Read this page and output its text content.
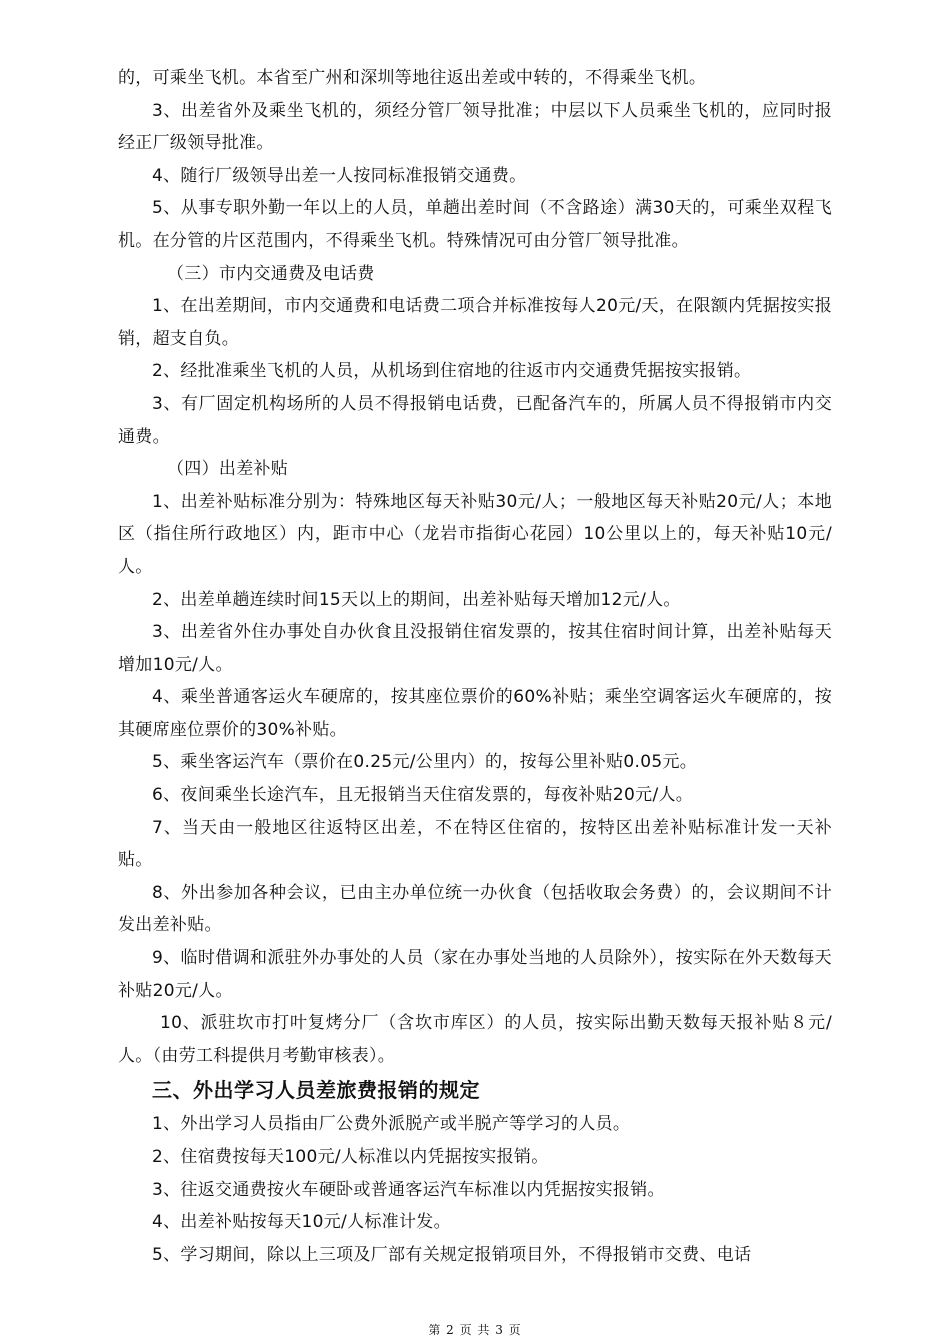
的，可乘坐飞机。本省至广州和深圳等地往返出差或中转的，不得乘坐飞机。

3、出差省外及乘坐飞机的，须经分管厂领导批准；中层以下人员乘坐飞机的，应同时报经正厂级领导批准。

4、随行厂级领导出差一人按同标准报销交通费。

5、从事专职外勤一年以上的人员，单趟出差时间（不含路途）满30天的，可乘坐双程飞机。在分管的片区范围内，不得乘坐飞机。特殊情况可由分管厂领导批准。

（三）市内交通费及电话费

1、在出差期间，市内交通费和电话费二项合并标准按每人20元/天，在限额内凭据按实报销，超支自负。

2、经批准乘坐飞机的人员，从机场到住宿地的往返市内交通费凭据按实报销。

3、有厂固定机构场所的人员不得报销电话费，已配备汽车的，所属人员不得报销市内交通费。

（四）出差补贴

1、出差补贴标准分别为：特殊地区每天补贴30元/人；一般地区每天补贴20元/人；本地区（指住所行政地区）内，距市中心（龙岩市指街心花园）10公里以上的，每天补贴10元/人。

2、出差单趟连续时间15天以上的期间，出差补贴每天增加12元/人。

3、出差省外住办事处自办伙食且没报销住宿发票的，按其住宿时间计算，出差补贴每天增加10元/人。

4、乘坐普通客运火车硬席的，按其座位票价的60%补贴；乘坐空调客运火车硬席的，按其硬席座位票价的30%补贴。

5、乘坐客运汽车（票价在0.25元/公里内）的，按每公里补贴0.05元。

6、夜间乘坐长途汽车，且无报销当天住宿发票的，每夜补贴20元/人。

7、当天由一般地区往返特区出差，不在特区住宿的，按特区出差补贴标准计发一天补贴。

8、外出参加各种会议，已由主办单位统一办伙食（包括收取会务费）的，会议期间不计发出差补贴。

9、临时借调和派驻外办事处的人员（家在办事处当地的人员除外），按实际在外天数每天补贴20元/人。

10、派驻坎市打叶复烤分厂（含坎市库区）的人员，按实际出勤天数每天报补贴８元/人。（由劳工科提供月考勤审核表）。

三、外出学习人员差旅费报销的规定

1、外出学习人员指由厂公费外派脱产或半脱产等学习的人员。

2、住宿费按每天100元/人标准以内凭据按实报销。

3、往返交通费按火车硬卧或普通客运汽车标准以内凭据按实报销。

4、出差补贴按每天10元/人标准计发。

5、学习期间，除以上三项及厂部有关规定报销项目外，不得报销市交费、电话

第 2 页 共 3 页
